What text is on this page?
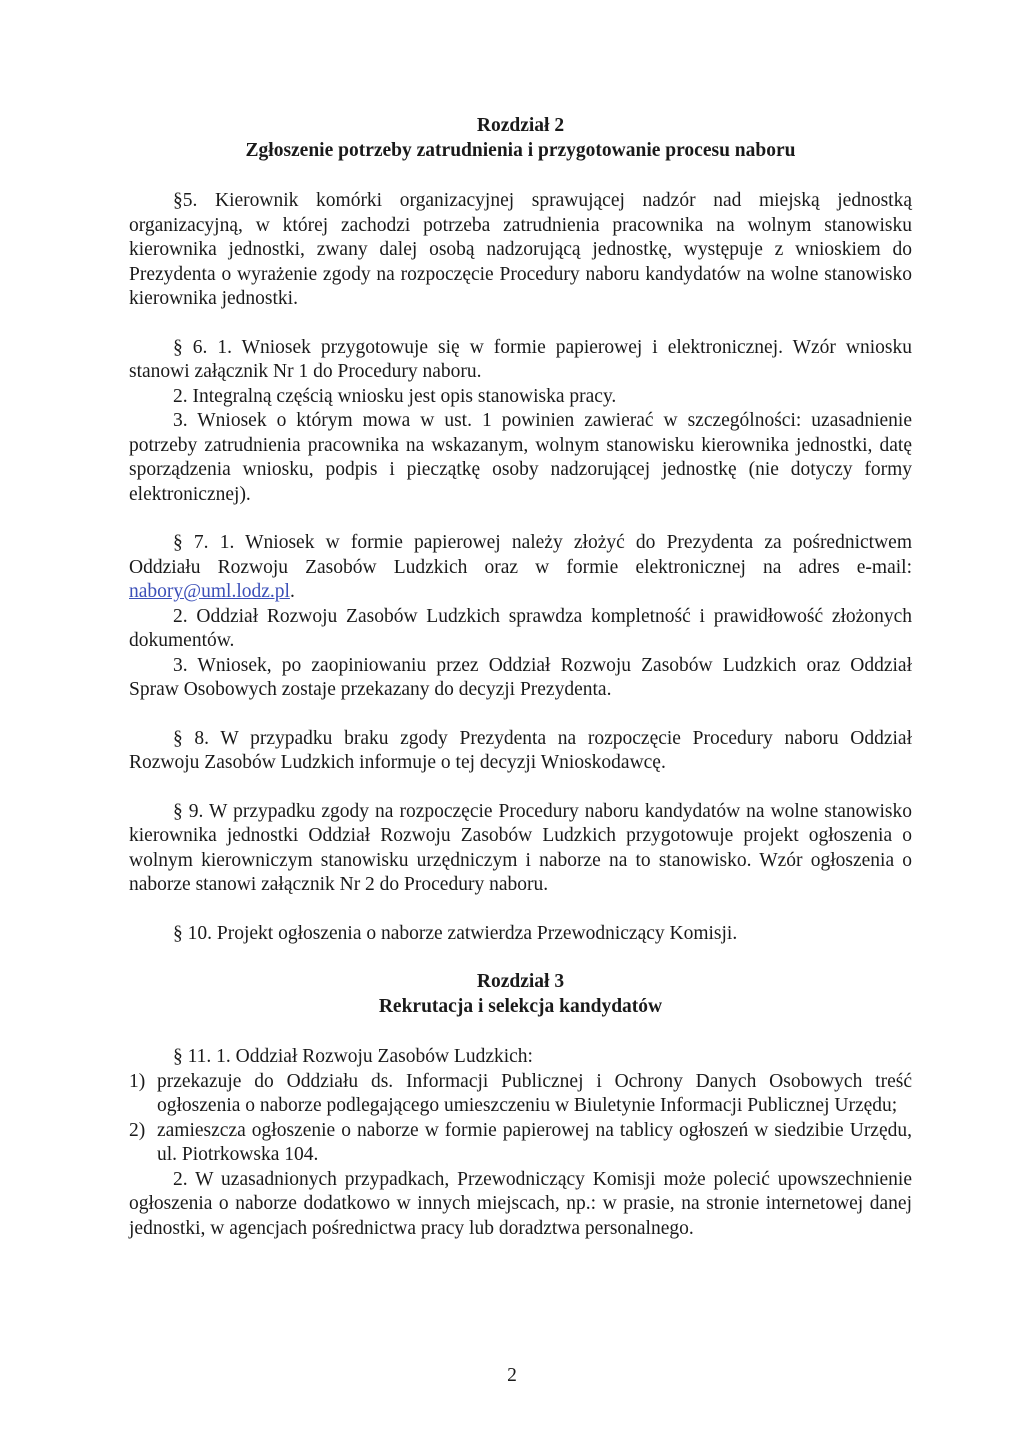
Rozdział 2
Zgłoszenie potrzeby zatrudnienia i przygotowanie procesu naboru

§5. Kierownik komórki organizacyjnej sprawującej nadzór nad miejską jednostką organizacyjną, w której zachodzi potrzeba zatrudnienia pracownika na wolnym stanowisku kierownika jednostki, zwany dalej osobą nadzorującą jednostkę, występuje z wnioskiem do Prezydenta o wyrażenie zgody na rozpoczęcie Procedury naboru kandydatów na wolne stanowisko kierownika jednostki.

§ 6. 1. Wniosek przygotowuje się w formie papierowej i elektronicznej. Wzór wniosku stanowi załącznik Nr 1 do Procedury naboru.

2. Integralną częścią wniosku jest opis stanowiska pracy.

3. Wniosek o którym mowa w ust. 1 powinien zawierać w szczególności: uzasadnienie potrzeby zatrudnienia pracownika na wskazanym, wolnym stanowisku kierownika jednostki, datę sporządzenia wniosku, podpis i pieczątkę osoby nadzorującej jednostkę (nie dotyczy formy elektronicznej).

§ 7. 1. Wniosek w formie papierowej należy złożyć do Prezydenta za pośrednictwem Oddziału Rozwoju Zasobów Ludzkich oraz w formie elektronicznej na adres e-mail: nabory@uml.lodz.pl.

2. Oddział Rozwoju Zasobów Ludzkich sprawdza kompletność i prawidłowość złożonych dokumentów.

3. Wniosek, po zaopiniowaniu przez Oddział Rozwoju Zasobów Ludzkich oraz Oddział Spraw Osobowych zostaje przekazany do decyzji Prezydenta.

§ 8. W przypadku braku zgody Prezydenta na rozpoczęcie Procedury naboru Oddział Rozwoju Zasobów Ludzkich informuje o tej decyzji Wnioskodawcę.

§ 9. W przypadku zgody na rozpoczęcie Procedury naboru kandydatów na wolne stanowisko kierownika jednostki Oddział Rozwoju Zasobów Ludzkich przygotowuje projekt ogłoszenia o wolnym kierowniczym stanowisku urzędniczym i naborze na to stanowisko. Wzór ogłoszenia o naborze stanowi załącznik Nr 2 do Procedury naboru.

§ 10. Projekt ogłoszenia o naborze zatwierdza Przewodniczący Komisji.

Rozdział 3
Rekrutacja i selekcja kandydatów

§ 11. 1. Oddział Rozwoju Zasobów Ludzkich:

1) przekazuje do Oddziału ds. Informacji Publicznej i Ochrony Danych Osobowych treść ogłoszenia o naborze podlegającego umieszczeniu w Biuletynie Informacji Publicznej Urzędu;
2) zamieszcza ogłoszenie o naborze w formie papierowej na tablicy ogłoszeń w siedzibie Urzędu, ul. Piotrkowska 104.

2. W uzasadnionych przypadkach, Przewodniczący Komisji może polecić upowszechnienie ogłoszenia o naborze dodatkowo w innych miejscach, np.: w prasie, na stronie internetowej danej jednostki, w agencjach pośrednictwa pracy lub doradztwa personalnego.

2
